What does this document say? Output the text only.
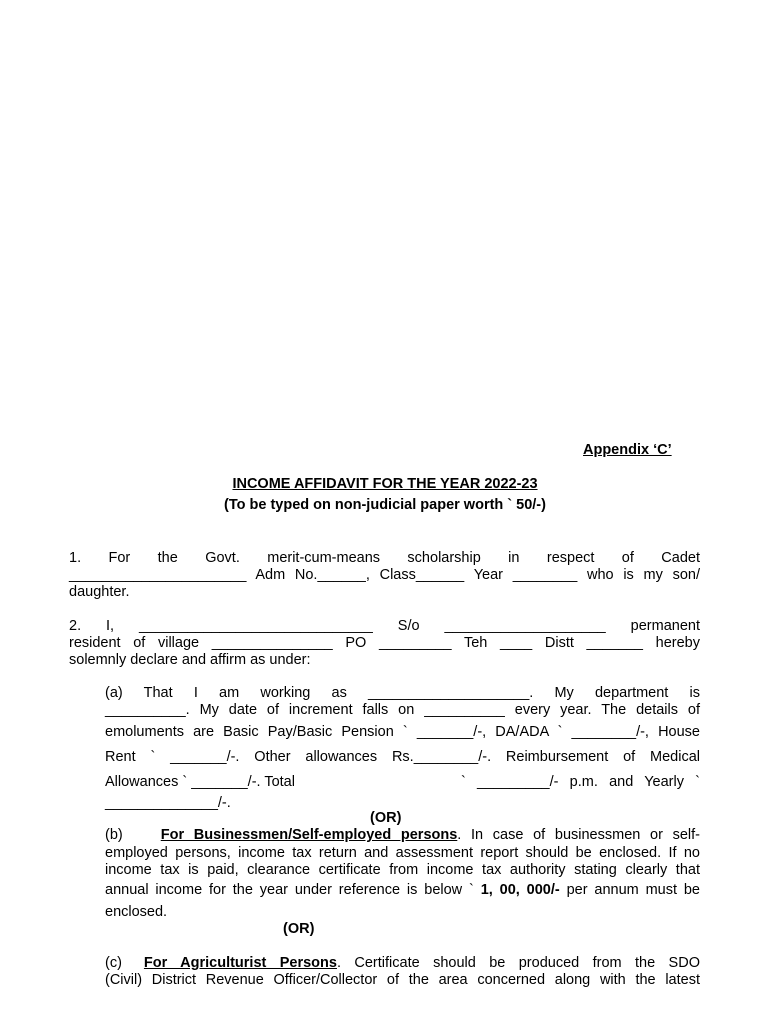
Appendix ‘C’
INCOME AFFIDAVIT FOR THE YEAR 2022-23
(To be typed on non-judicial paper worth ` 50/-)
1. For the Govt. merit-cum-means scholarship in respect of Cadet
______________________ Adm No.______, Class______ Year ________ who is my son/
daughter.
2. I, _____________________________ S/o ____________________ permanent
resident of village _______________ PO _________ Teh ____ Distt _______ hereby
solemnly declare and affirm as under:
(a) That I am working as ____________________. My department is
__________. My date of increment falls on __________ every year. The details of
emoluments are Basic Pay/Basic Pension ` _______/-, DA/ADA ` ________/-, House
Rent ` _______/-. Other allowances Rs.________/-. Reimbursement of Medical
Allowances ` _______/-. Total	` _________/- p.m. and Yearly `
______________/-.
(OR)
(b)	For Businessmen/Self-employed persons. In case of businessmen or self-
employed persons, income tax return and assessment report should be enclosed. If no
income tax is paid, clearance certificate from income tax authority stating clearly that
annual income for the year under reference is below ` 1, 00, 000/- per annum must be
enclosed.
(OR)
(c) For Agriculturist Persons. Certificate should be produced from the SDO
(Civil) District Revenue Officer/Collector of the area concerned along with the latest
